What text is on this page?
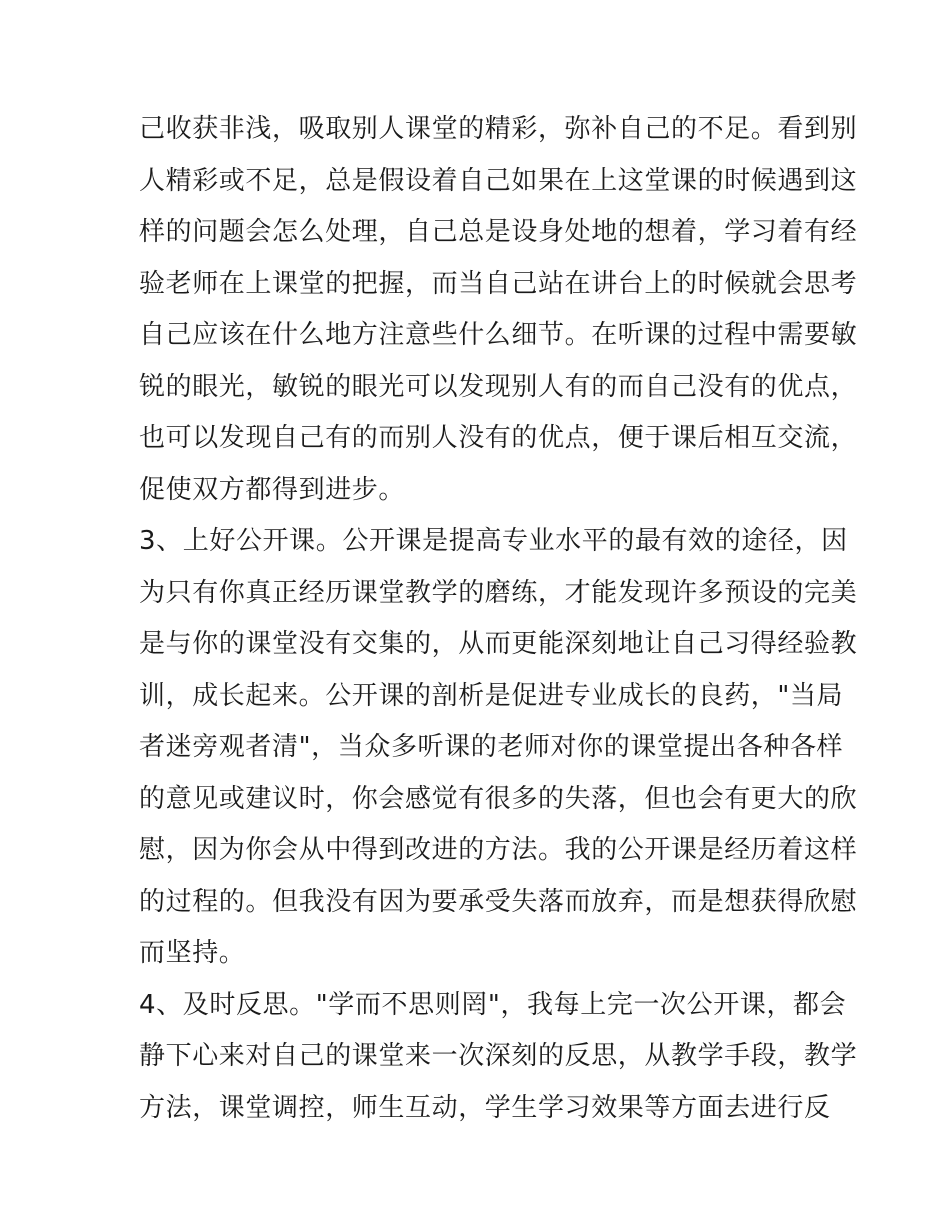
己收获非浅，吸取别人课堂的精彩，弥补自己的不足。看到别
人精彩或不足，总是假设着自己如果在上这堂课的时候遇到这
样的问题会怎么处理，自己总是设身处地的想着，学习着有经
验老师在上课堂的把握，而当自己站在讲台上的时候就会思考
自己应该在什么地方注意些什么细节。在听课的过程中需要敏
锐的眼光，敏锐的眼光可以发现别人有的而自己没有的优点，
也可以发现自己有的而别人没有的优点，便于课后相互交流，
促使双方都得到进步。

3、上好公开课。公开课是提高专业水平的最有效的途径，因
为只有你真正经历课堂教学的磨练，才能发现许多预设的完美
是与你的课堂没有交集的，从而更能深刻地让自己习得经验教
训，成长起来。公开课的剖析是促进专业成长的良药，"当局
者迷旁观者清"，当众多听课的老师对你的课堂提出各种各样
的意见或建议时，你会感觉有很多的失落，但也会有更大的欣
慰，因为你会从中得到改进的方法。我的公开课是经历着这样
的过程的。但我没有因为要承受失落而放弃，而是想获得欣慰
而坚持。

4、及时反思。"学而不思则罔"，我每上完一次公开课，都会
静下心来对自己的课堂来一次深刻的反思，从教学手段，教学
方法，课堂调控，师生互动，学生学习效果等方面去进行反
